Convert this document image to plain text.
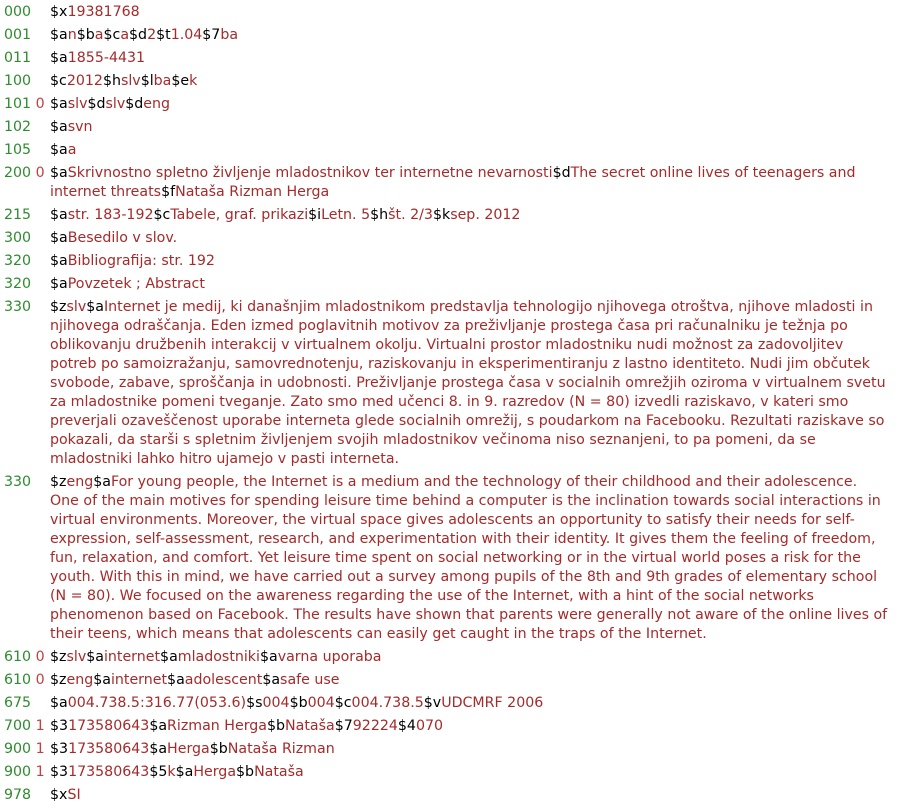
000	$x19381768
001	$an$ba$ca$d2$t1.04$7ba
011	$a1855-4431
100	$c2012$hslv$lba$ek
101 0 $aslv$dslv$deng
102	$asvn
105	$aa
200 0 $aSkrivnostno spletno življenje mladostnikov ter internetne nevarnosti$dThe secret online lives of teenagers and internet threats$fNataša Rizman Herga
215	$astr. 183-192$cTabele, graf. prikazi$iLetn. 5$hšt. 2/3$ksep. 2012
300	$aBesedilo v slov.
320	$aBibliografija: str. 192
320	$aPovzetek ; Abstract
330	$zslv$aInternet je medij, ki današnjim mladostnikom predstavlja tehnologijo njihovega otroštva, njihove mladosti in njihovega odraščanja. Eden izmed poglavitnih motivov za preživljanje prostega časa pri računalniku je težnja po oblikovanju družbenih interakcij v virtualnem okolju. Virtualni prostor mladostniku nudi možnost za zadovoljitev potreb po samoizražanju, samovrednotenju, raziskovanju in eksperimentiranju z lastno identiteto. Nudi jim občutek svobode, zabave, sproščanja in udobnosti. Preživljanje prostega časa v socialnih omrežjih oziroma v virtualnem svetu za mladostnike pomeni tveganje. Zato smo med učenci 8. in 9. razredov (N = 80) izvedli raziskavo, v kateri smo preverjali ozaveščenost uporabe interneta glede socialnih omrežij, s poudarkom na Facebooku. Rezultati raziskave so pokazali, da starši s spletnim življenjem svojih mladostnikov večinoma niso seznanjeni, to pa pomeni, da se mladostniki lahko hitro ujamejo v pasti interneta.
330	$zeng$aFor young people, the Internet is a medium and the technology of their childhood and their adolescence. One of the main motives for spending leisure time behind a computer is the inclination towards social interactions in virtual environments. Moreover, the virtual space gives adolescents an opportunity to satisfy their needs for self-expression, self-assessment, research, and experimentation with their identity. It gives them the feeling of freedom, fun, relaxation, and comfort. Yet leisure time spent on social networking or in the virtual world poses a risk for the youth. With this in mind, we have carried out a survey among pupils of the 8th and 9th grades of elementary school (N = 80). We focused on the awareness regarding the use of the Internet, with a hint of the social networks phenomenon based on Facebook. The results have shown that parents were generally not aware of the online lives of their teens, which means that adolescents can easily get caught in the traps of the Internet.
610 0 $zslv$ainternet$amladostniki$avarna uporaba
610 0 $zeng$ainternet$aadolescent$asafe use
675	$a004.738.5:316.77(053.6)$s004$b004$c004.738.5$vUDCMRF 2006
700 1 $3173580643$aRizman Herga$bNataša$792224$4070
900 1 $3173580643$aHerga$bNataša Rizman
900 1 $3173580643$5k$aHerga$bNataša
978	$xSI
